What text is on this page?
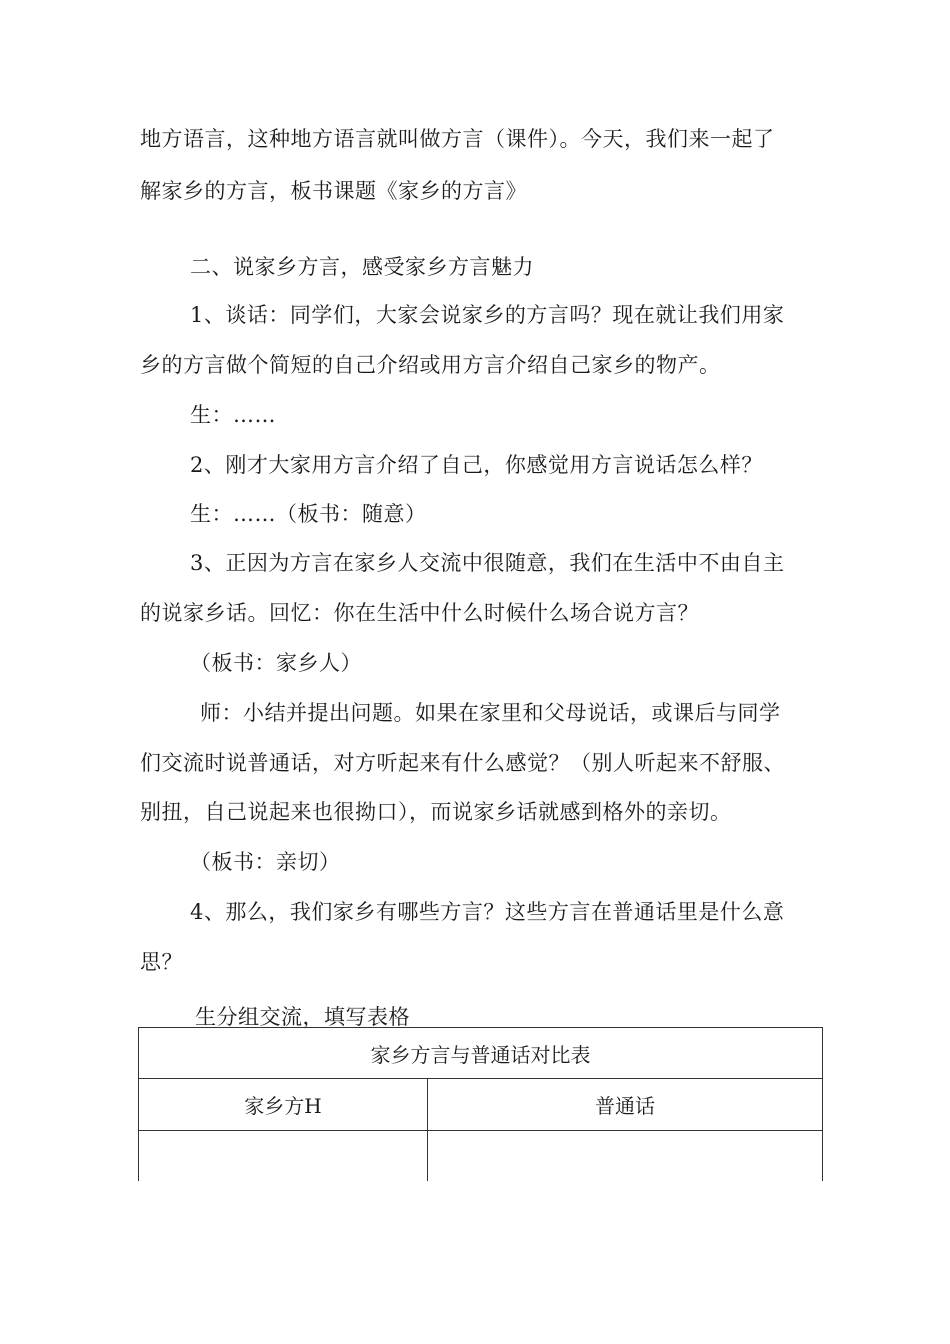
地方语言，这种地方语言就叫做方言（课件）。今天，我们来一起了
解家乡的方言，板书课题《家乡的方言》
二、说家乡方言，感受家乡方言魅力
1、谈话：同学们，大家会说家乡的方言吗？现在就让我们用家
乡的方言做个简短的自己介绍或用方言介绍自己家乡的物产。
生：……
2、刚才大家用方言介绍了自己，你感觉用方言说话怎么样？
生：……（板书：随意）
3、正因为方言在家乡人交流中很随意，我们在生活中不由自主
的说家乡话。回忆：你在生活中什么时候什么场合说方言？
（板书：家乡人）
师：小结并提出问题。如果在家里和父母说话，或课后与同学
们交流时说普通话，对方听起来有什么感觉？（别人听起来不舒服、
别扭，自己说起来也很拗口），而说家乡话就感到格外的亲切。
（板书：亲切）
4、那么，我们家乡有哪些方言？这些方言在普通话里是什么意
思？
生分组交流，填写表格
家乡方言与普通话对比表
家乡方H	普通话
